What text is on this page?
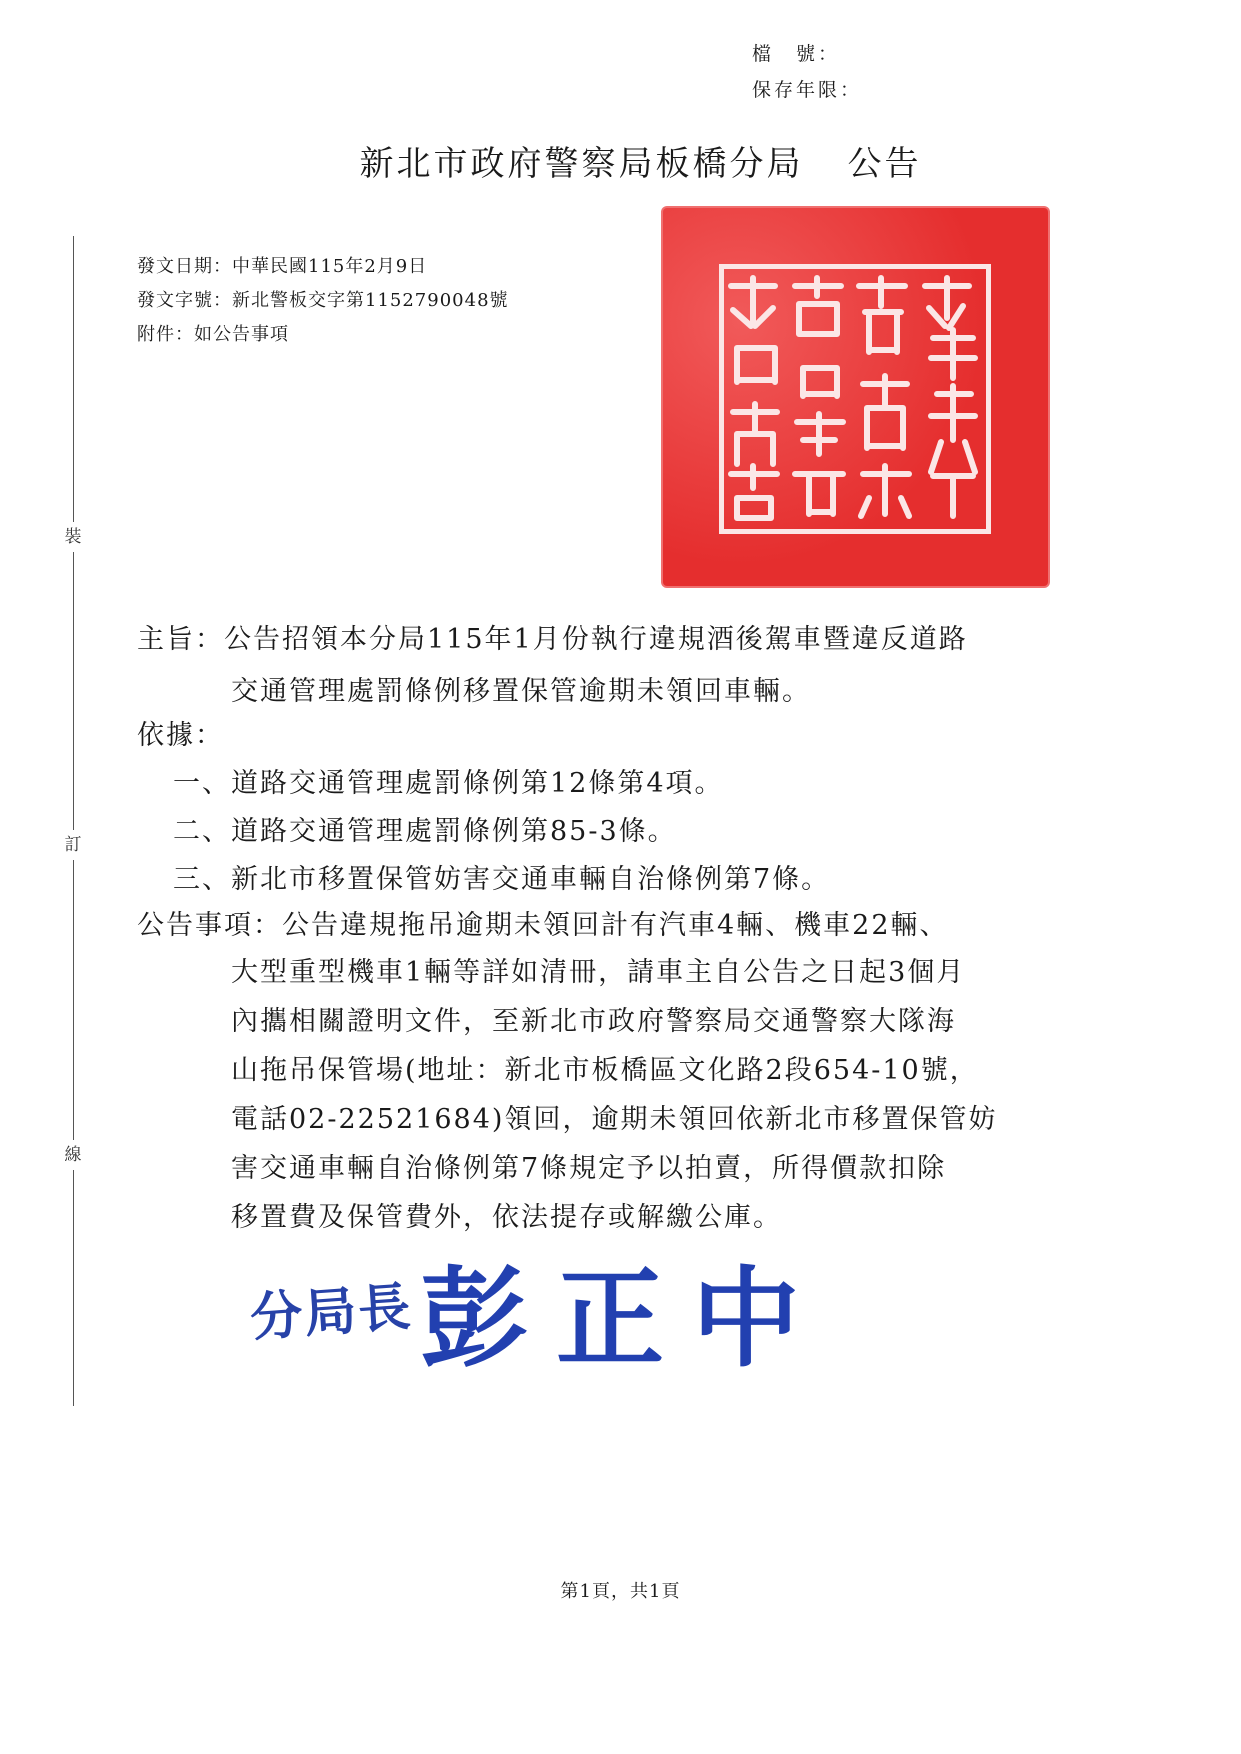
檔　號：
保存年限：
新北市政府警察局板橋分局 公告
發文日期：中華民國115年2月9日
發文字號：新北警板交字第1152790048號
附件：如公告事項
裝
訂
線
主旨：公告招領本分局115年1月份執行違規酒後駕車暨違反道路
交通管理處罰條例移置保管逾期未領回車輛。
依據：
一、道路交通管理處罰條例第12條第4項。
二、道路交通管理處罰條例第85-3條。
三、新北市移置保管妨害交通車輛自治條例第7條。
公告事項：公告違規拖吊逾期未領回計有汽車4輛、機車22輛、
大型重型機車1輛等詳如清冊，請車主自公告之日起3個月
內攜相關證明文件，至新北市政府警察局交通警察大隊海
山拖吊保管場(地址：新北市板橋區文化路2段654-10號，
電話02-22521684)領回，逾期未領回依新北市移置保管妨
害交通車輛自治條例第7條規定予以拍賣，所得價款扣除
移置費及保管費外，依法提存或解繳公庫。
分局長 彭正中
第1頁，共1頁
